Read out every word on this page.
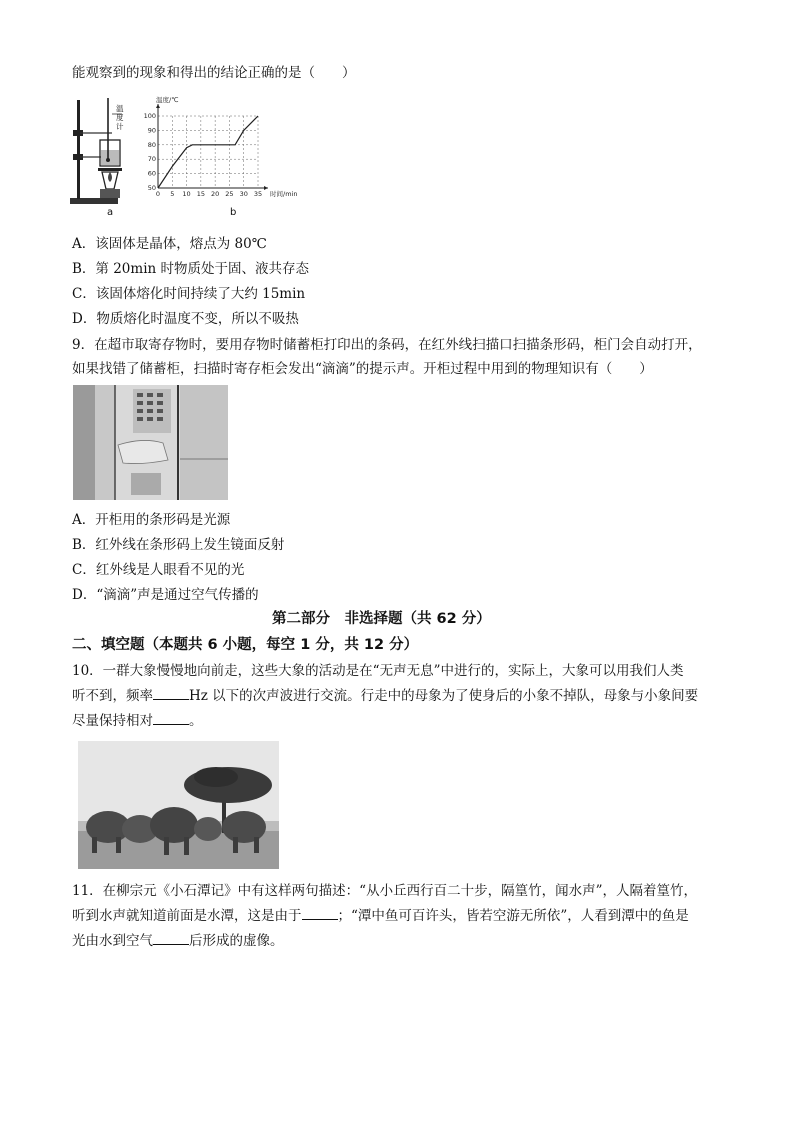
能观察到的现象和得出的结论正确的是（　　）
温度计
a
0 5 10 15 20 25 30 35
50
60
70
80
90
100
温度/℃
时间/min
b
A．该固体是晶体，熔点为 80℃
B．第 20min 时物质处于固、液共存态
C．该固体熔化时间持续了大约 15min
D．物质熔化时温度不变，所以不吸热
9．在超市取寄存物时，要用存物时储蓄柜打印出的条码，在红外线扫描口扫描条形码，柜门会自动打开，
如果找错了储蓄柜，扫描时寄存柜会发出“滴滴”的提示声。开柜过程中用到的物理知识有（　　）
A．开柜用的条形码是光源
B．红外线在条形码上发生镜面反射
C．红外线是人眼看不见的光
D．“滴滴”声是通过空气传播的
第二部分　非选择题（共 62 分）
二、填空题（本题共 6 小题，每空 1 分，共 12 分）
10．一群大象慢慢地向前走，这些大象的活动是在“无声无息”中进行的，实际上，大象可以用我们人类
听不到，频率	Hz 以下的次声波进行交流。行走中的母象为了使身后的小象不掉队，母象与小象间要
尽量保持相对	。
11．在柳宗元《小石潭记》中有这样两句描述：“从小丘西行百二十步，隔篁竹，闻水声”，人隔着篁竹，
听到水声就知道前面是水潭，这是由于	；“潭中鱼可百许头，皆若空游无所依”，人看到潭中的鱼是
光由水到空气	后形成的虚像。
